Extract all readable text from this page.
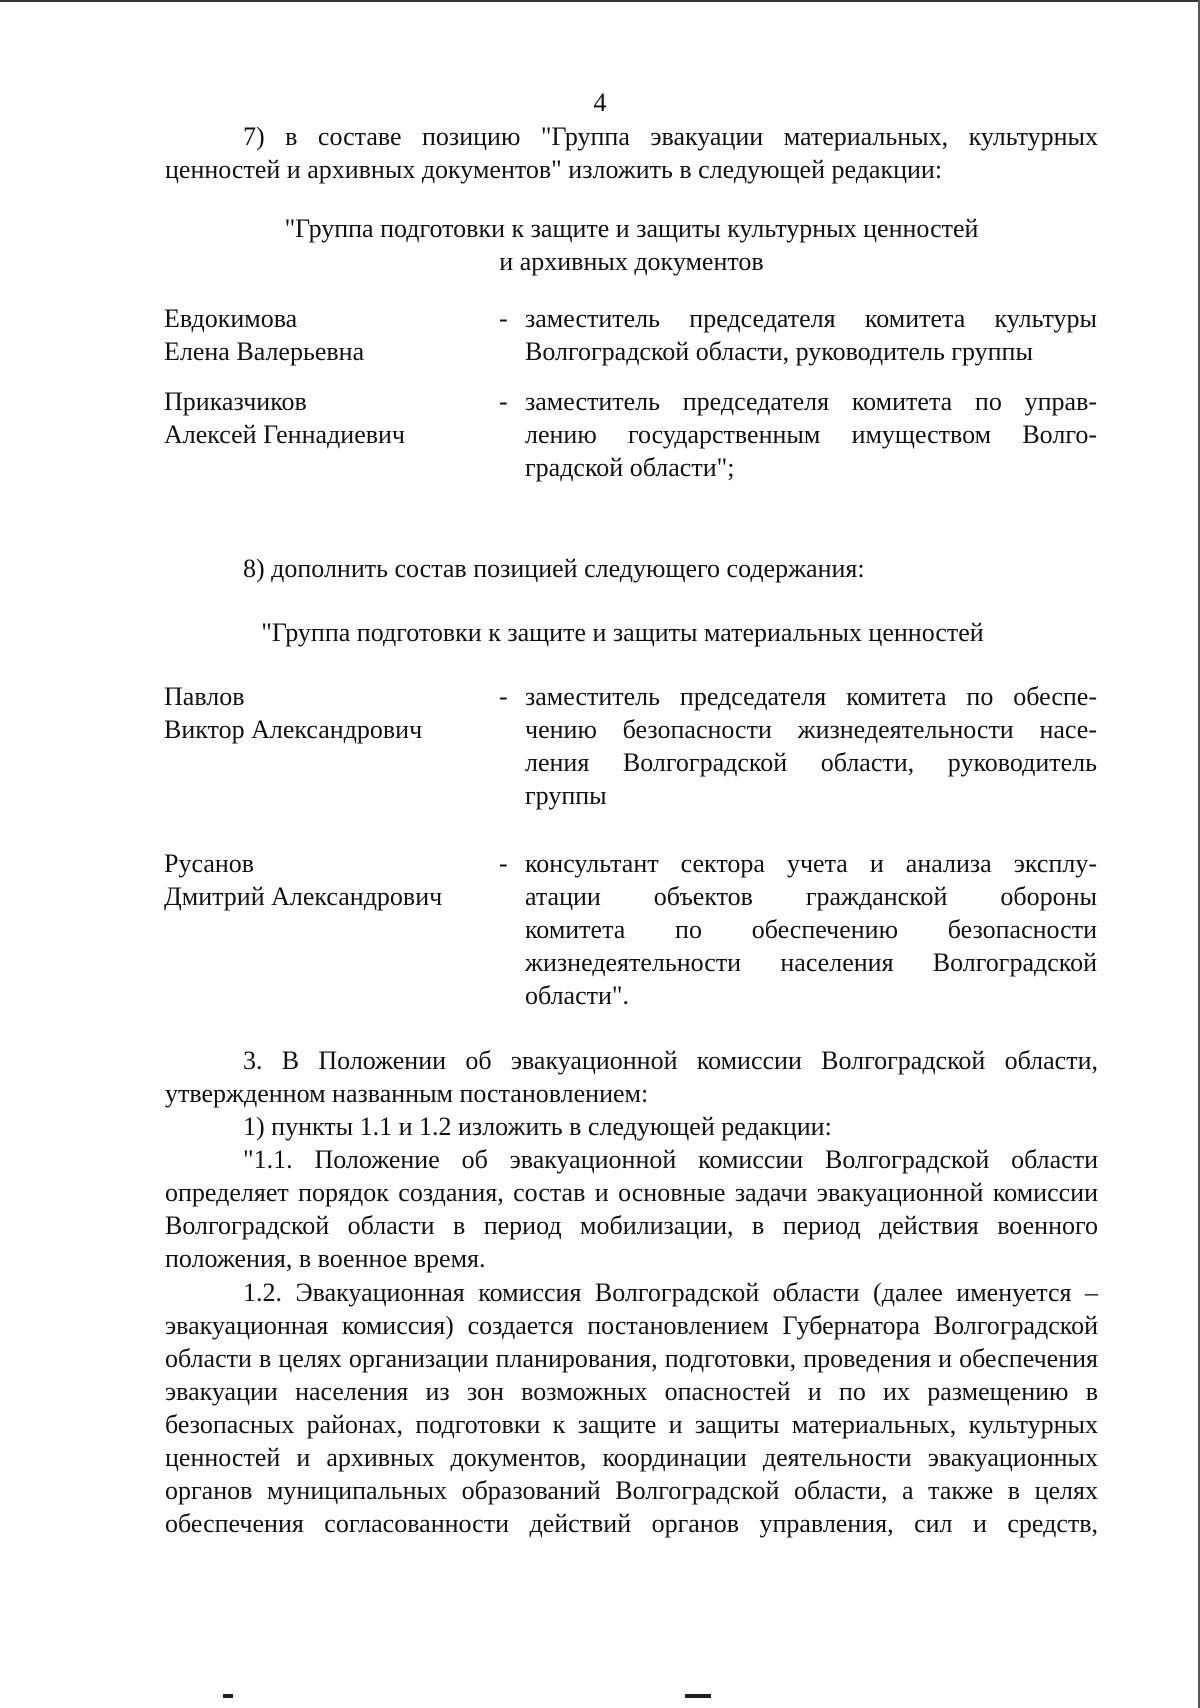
4

7) в составе позицию "Группа эвакуации материальных, культурных ценностей и архивных документов" изложить в следующей редакции:

"Группа подготовки к защите и защиты культурных ценностей
и архивных документов
Евдокимова
Елена Валерьевна
- заместитель председателя комитета культуры
Волгоградской области, руководитель группы
Приказчиков
Алексей Геннадиевич
- заместитель председателя комитета по управ-
лению государственным имуществом Волго-
градской области";

8) дополнить состав позицией следующего содержания:

"Группа подготовки к защите и защиты материальных ценностей
Павлов
Виктор Александрович
- заместитель председателя комитета по обеспе-
чению безопасности жизнедеятельности насе-
ления Волгоградской области, руководитель
группы
Русанов
Дмитрий Александрович
- консультант сектора учета и анализа эксплу-
атации объектов гражданской обороны
комитета по обеспечению безопасности
жизнедеятельности населения Волгоградской
области".

3. В Положении об эвакуационной комиссии Волгоградской области, утвержденном названным постановлением:

1) пункты 1.1 и 1.2 изложить в следующей редакции:

"1.1. Положение об эвакуационной комиссии Волгоградской области определяет порядок создания, состав и основные задачи эвакуационной комиссии Волгоградской области в период мобилизации, в период действия военного положения, в военное время.

1.2. Эвакуационная комиссия Волгоградской области (далее именуется – эвакуационная комиссия) создается постановлением Губернатора Волгоградской области в целях организации планирования, подготовки, проведения и обеспечения эвакуации населения из зон возможных опасностей и по их размещению в безопасных районах, подготовки к защите и защиты материальных, культурных ценностей и архивных документов, координации деятельности эвакуационных органов муниципальных образований Волгоградской области, а также в целях обеспечения согласованности действий органов управления, сил и средств,
